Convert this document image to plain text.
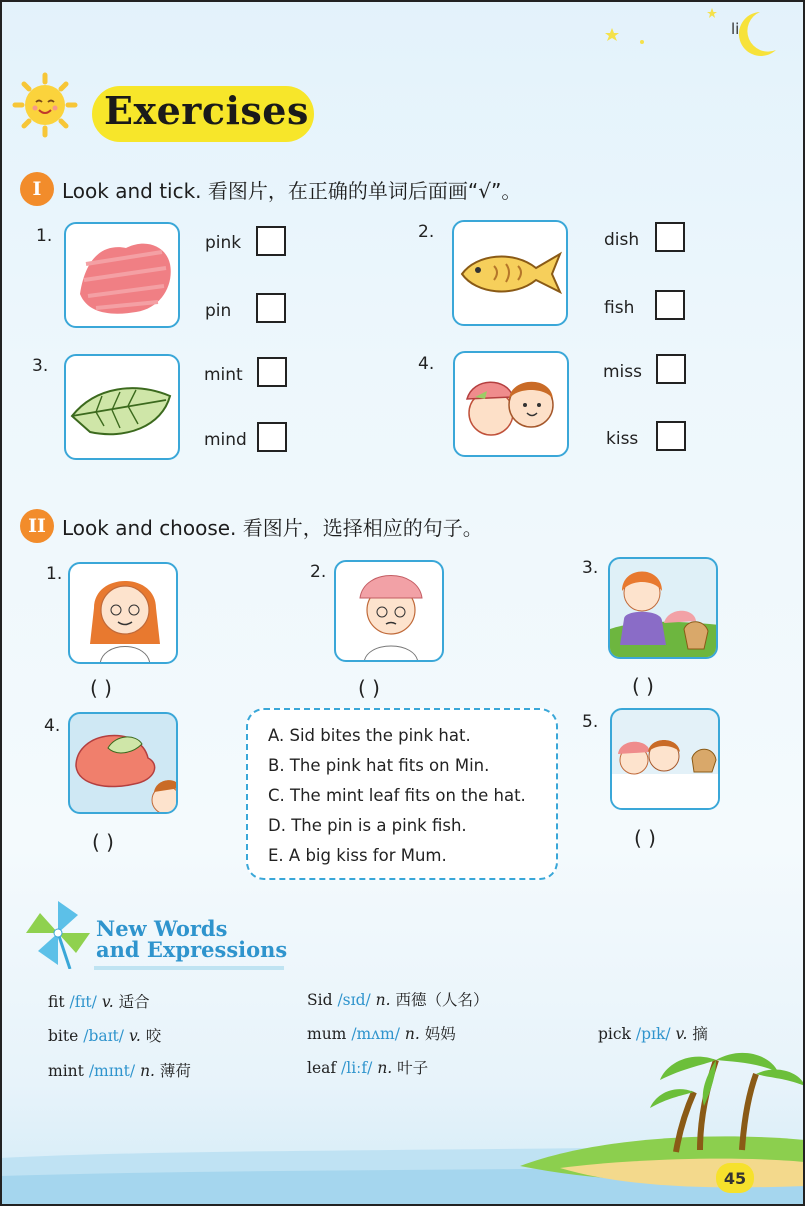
li
Exercises
I	Look and tick. 看图片，在正确的单词后面画“√”。
1.	pink
pin
2.	dish
fish
3.	mint
mind
4.	miss
kiss
II Look and choose. 看图片，选择相应的句子。
1.
( )
2.
( )
3.
( )
4.
( )
A. Sid bites the pink hat.
B. The pink hat fits on Min.
C. The mint leaf fits on the hat.
D. The pin is a pink fish.
E. A big kiss for Mum.
5.
( )
New Words
and Expressions
fit /fɪt/ v. 适合
bite /baɪt/ v. 咬
mint /mɪnt/ n. 薄荷
Sid /sɪd/ n. 西德（人名）
mum /mʌm/ n. 妈妈
leaf /liːf/ n. 叶子
pick /pɪk/ v. 摘
45
